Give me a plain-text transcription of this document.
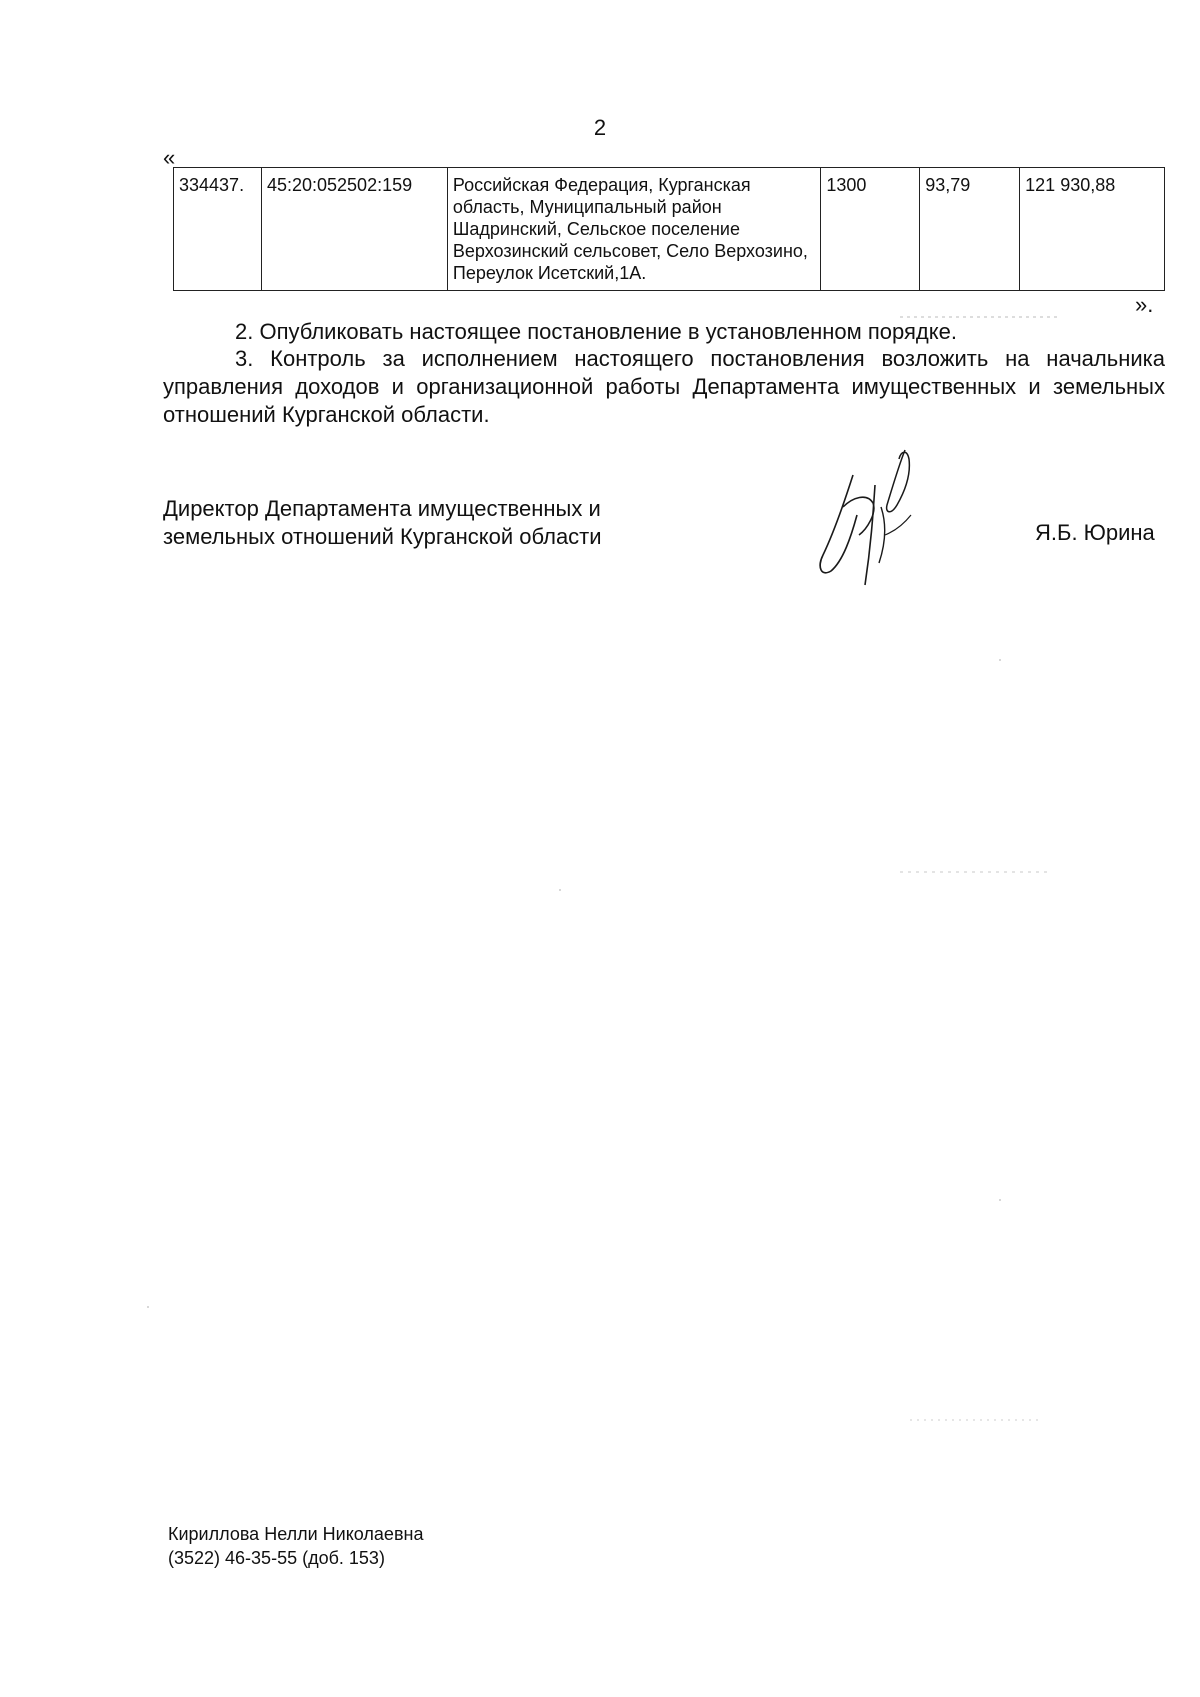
2
«
334437.	45:20:052502:159	Российская Федерация, Курганская область, Муниципальный район Шадринский, Сельское поселение Верхозинский сельсовет, Село Верхозино, Переулок Исетский,1А.	1300	93,79	121 930,88
».
2. Опубликовать настоящее постановление в установленном порядке.
3. Контроль за исполнением настоящего постановления возложить на начальника управления доходов и организационной работы Департамента имущественных и земельных отношений Курганской области.
Директор Департамента имущественных и
земельных отношений Курганской области	Я.Б. Юрина
Кириллова Нелли Николаевна
(3522) 46-35-55 (доб. 153)
